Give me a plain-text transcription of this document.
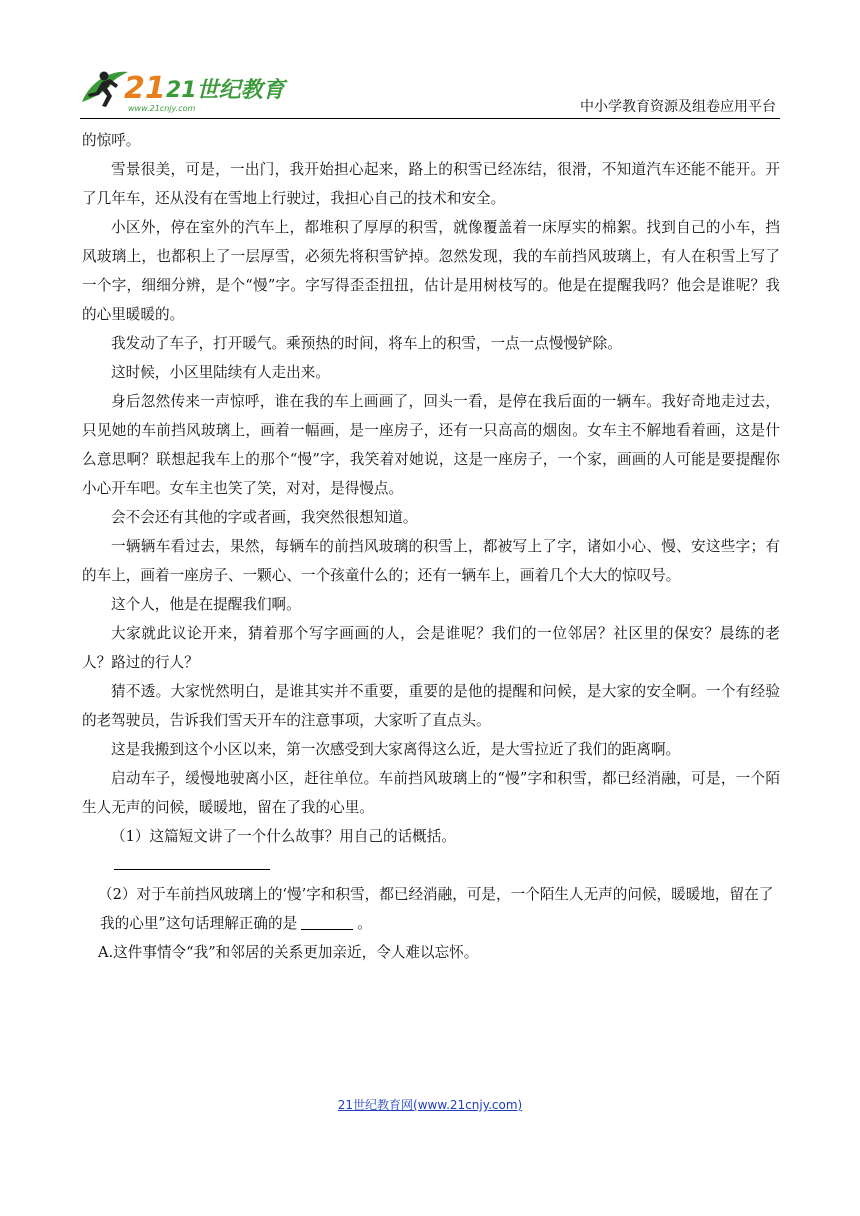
21 21世纪教育
www.21cnjy.com	中小学教育资源及组卷应用平台

的惊呼。

雪景很美，可是，一出门，我开始担心起来，路上的积雪已经冻结，很滑，不知道汽车还能不能开。开了几年车，还从没有在雪地上行驶过，我担心自己的技术和安全。

小区外，停在室外的汽车上，都堆积了厚厚的积雪，就像覆盖着一床厚实的棉絮。找到自己的小车，挡风玻璃上，也都积上了一层厚雪，必须先将积雪铲掉。忽然发现，我的车前挡风玻璃上，有人在积雪上写了一个字，细细分辨，是个“慢”字。字写得歪歪扭扭，估计是用树枝写的。他是在提醒我吗？他会是谁呢？我的心里暖暖的。

我发动了车子，打开暖气。乘预热的时间，将车上的积雪，一点一点慢慢铲除。

这时候，小区里陆续有人走出来。

身后忽然传来一声惊呼，谁在我的车上画画了，回头一看，是停在我后面的一辆车。我好奇地走过去，只见她的车前挡风玻璃上，画着一幅画，是一座房子，还有一只高高的烟囱。女车主不解地看着画，这是什么意思啊？联想起我车上的那个“慢”字，我笑着对她说，这是一座房子，一个家，画画的人可能是要提醒你小心开车吧。女车主也笑了笑，对对，是得慢点。

会不会还有其他的字或者画，我突然很想知道。

一辆辆车看过去，果然，每辆车的前挡风玻璃的积雪上，都被写上了字，诸如小心、慢、安这些字；有的车上，画着一座房子、一颗心、一个孩童什么的；还有一辆车上，画着几个大大的惊叹号。

这个人，他是在提醒我们啊。

大家就此议论开来，猜着那个写字画画的人，会是谁呢？我们的一位邻居？社区里的保安？晨练的老人？路过的行人？

猜不透。大家恍然明白，是谁其实并不重要，重要的是他的提醒和问候，是大家的安全啊。一个有经验的老驾驶员，告诉我们雪天开车的注意事项，大家听了直点头。

这是我搬到这个小区以来，第一次感受到大家离得这么近，是大雪拉近了我们的距离啊。

启动车子，缓慢地驶离小区，赶往单位。车前挡风玻璃上的“慢”字和积雪，都已经消融，可是，一个陌生人无声的问候，暖暖地，留在了我的心里。

（1）这篇短文讲了一个什么故事？用自己的话概括。

（2）对于车前挡风玻璃上的‘慢’字和积雪，都已经消融，可是，一个陌生人无声的问候，暖暖地，留在了我的心里”这句话理解正确的是	。

A.这件事情令“我”和邻居的关系更加亲近，令人难以忘怀。

21世纪教育网(www.21cnjy.com)
